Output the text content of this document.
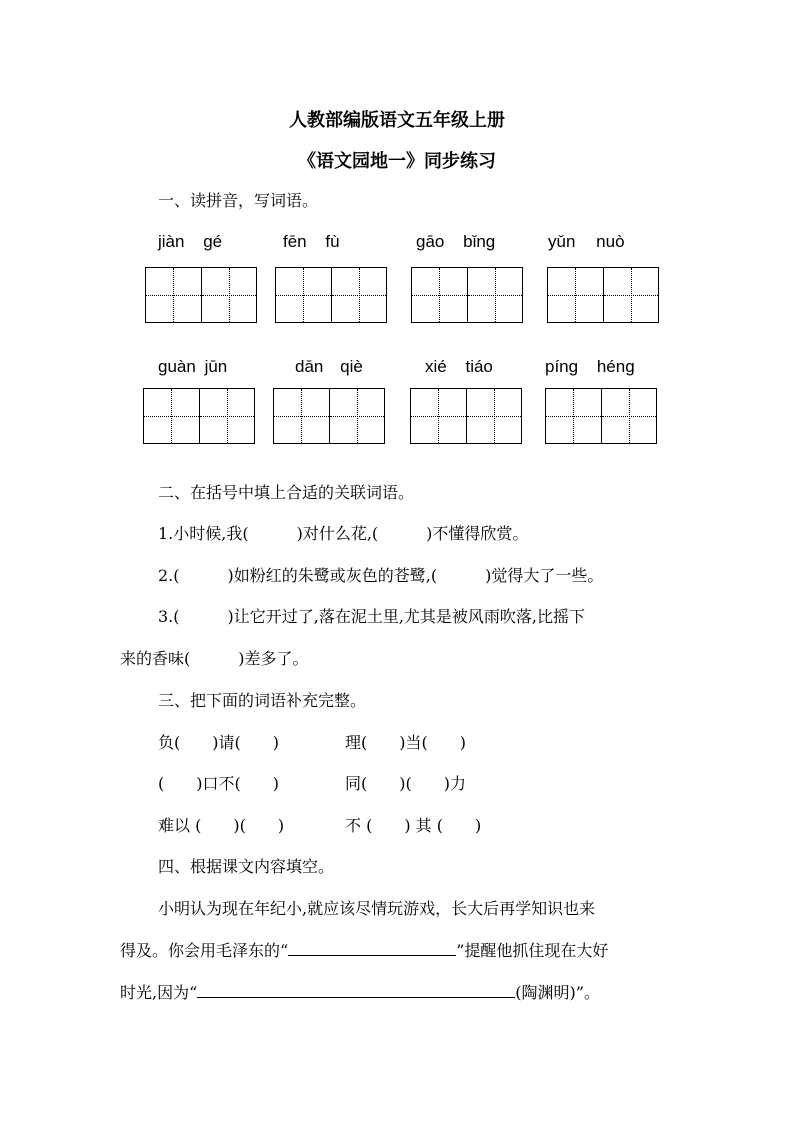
人教部编版语文五年级上册
《语文园地一》同步练习
一、读拼音，写词语。
jiàn gé	fēn fù	gāo bǐng	yǔn nuò
guàn jūn	dān qiè	xié tiáo	píng héng
二、在括号中填上合适的关联词语。
1.小时候,我(　　　)对什么花,(　　　)不懂得欣赏。
2.(　　　)如粉红的朱鹭或灰色的苍鹭,(　　　)觉得大了一些。
3.(　　　)让它开过了,落在泥土里,尤其是被风雨吹落,比摇下
来的香味(　　　)差多了。
三、把下面的词语补充完整。
负(　　)请(　　)	理(　　)当(　　)
(　　)口不(　　)	同(　　)(　　)力
难以 (　　)(　　)	不 (　　) 其 (　　)
四、根据课文内容填空。
小明认为现在年纪小,就应该尽情玩游戏，长大后再学知识也来
得及。你会用毛泽东的“	”提醒他抓住现在大好
时光,因为“	(陶渊明)”。
